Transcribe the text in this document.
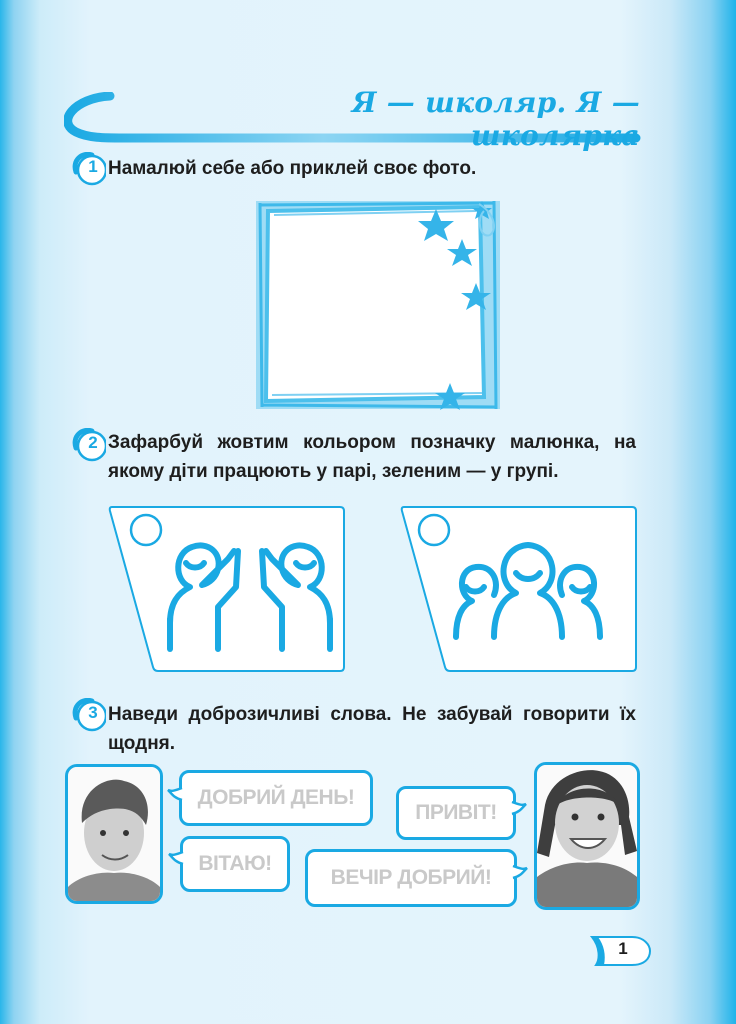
Я — школяр. Я — школярка
1 Намалюй себе або приклей своє фото.
2 Зафарбуй жовтим кольором позначку малюнка, на якому діти працюють у парі, зеленим — у групі.
3 Наведи доброзичливі слова. Не забувай говорити їх щодня.
ДОБРИЙ ДЕНЬ!
ПРИВІТ!
ВІТАЮ!
ВЕЧІР ДОБРИЙ!
1
